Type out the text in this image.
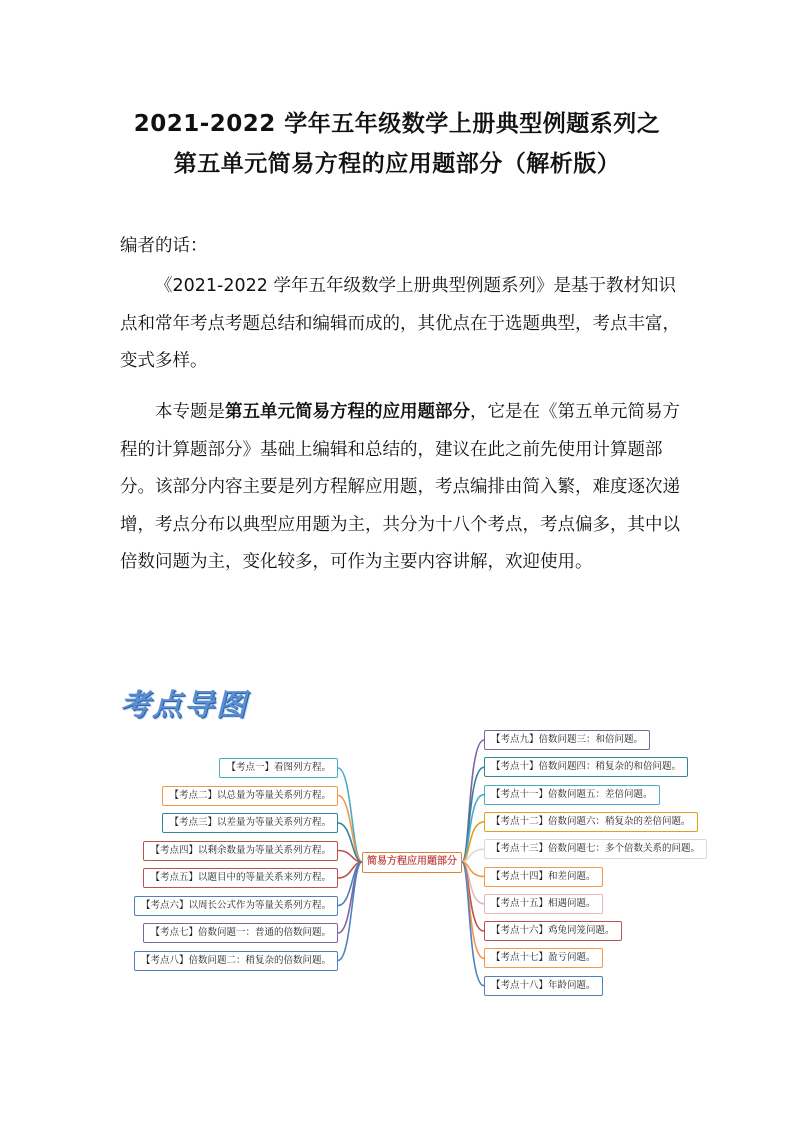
2021-2022 学年五年级数学上册典型例题系列之
第五单元简易方程的应用题部分（解析版）
编者的话：
《2021-2022 学年五年级数学上册典型例题系列》是基于教材知识点和常年考点考题总结和编辑而成的，其优点在于选题典型，考点丰富，变式多样。
本专题是第五单元简易方程的应用题部分，它是在《第五单元简易方程的计算题部分》基础上编辑和总结的，建议在此之前先使用计算题部分。该部分内容主要是列方程解应用题，考点编排由简入繁，难度逐次递增，考点分布以典型应用题为主，共分为十八个考点，考点偏多，其中以倍数问题为主，变化较多，可作为主要内容讲解，欢迎使用。
考点导图
简易方程应用题部分
【考点一】看图列方程。
【考点二】以总量为等量关系列方程。
【考点三】以差量为等量关系列方程。
【考点四】以剩余数量为等量关系列方程。
【考点五】以题目中的等量关系来列方程。
【考点六】以周长公式作为等量关系列方程。
【考点七】倍数问题一：普通的倍数问题。
【考点八】倍数问题二：稍复杂的倍数问题。
【考点九】倍数问题三：和倍问题。
【考点十】倍数问题四：稍复杂的和倍问题。
【考点十一】倍数问题五：差倍问题。
【考点十二】倍数问题六：稍复杂的差倍问题。
【考点十三】倍数问题七：多个倍数关系的问题。
【考点十四】和差问题。
【考点十五】相遇问题。
【考点十六】鸡兔同笼问题。
【考点十七】盈亏问题。
【考点十八】年龄问题。
